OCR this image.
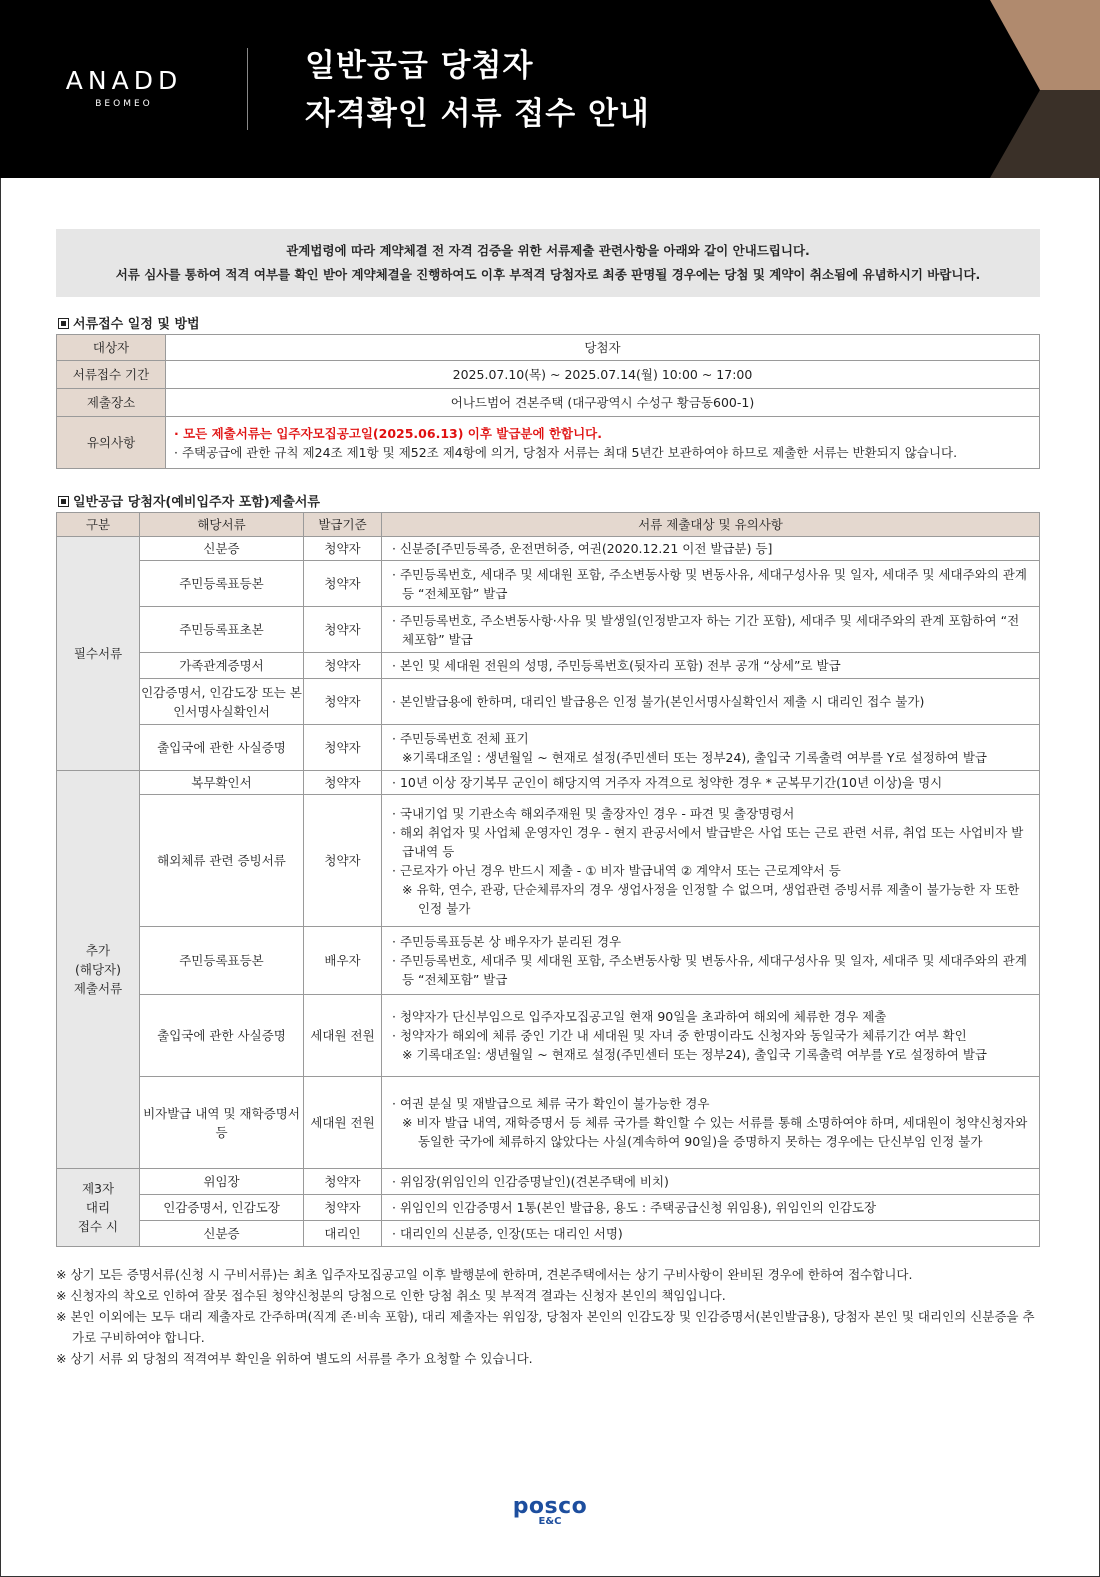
ANADD
BEOMEO
일반공급 당첨자
자격확인 서류 접수 안내
관계법령에 따라 계약체결 전 자격 검증을 위한 서류제출 관련사항을 아래와 같이 안내드립니다.
서류 심사를 통하여 적격 여부를 확인 받아 계약체결을 진행하여도 이후 부적격 당첨자로 최종 판명될 경우에는 당첨 및 계약이 취소됨에 유념하시기 바랍니다.
서류접수 일정 및 방법
대상자	당첨자
서류접수 기간	2025.07.10(목) ~ 2025.07.14(월) 10:00 ~ 17:00
제출장소	어나드범어 견본주택 (대구광역시 수성구 황금동600-1)
유의사항	· 모든 제출서류는 입주자모집공고일(2025.06.13) 이후 발급분에 한합니다.
· 주택공급에 관한 규칙 제24조 제1항 및 제52조 제4항에 의거, 당첨자 서류는 최대 5년간 보관하여야 하므로 제출한 서류는 반환되지 않습니다.
일반공급 당첨자(예비입주자 포함)제출서류
구분	해당서류	발급기준	서류 제출대상 및 유의사항

필수서류	신분증	청약자	· 신분증[주민등록증, 운전면허증, 여권(2020.12.21 이전 발급분) 등]

	주민등록표등본	청약자	· 주민등록번호, 세대주 및 세대원 포함, 주소변동사항 및 변동사유, 세대구성사유 및 일자, 세대주 및 세대주와의 관계 등 “전체포함” 발급

	주민등록표초본	청약자	· 주민등록번호, 주소변동사항·사유 및 발생일(인정받고자 하는 기간 포함), 세대주 및 세대주와의 관계 포함하여 “전체포함” 발급

	가족관계증명서	청약자	· 본인 및 세대원 전원의 성명, 주민등록번호(뒷자리 포함) 전부 공개 “상세”로 발급

	인감증명서, 인감도장 또는 본인서명사실확인서	청약자	· 본인발급용에 한하며, 대리인 발급용은 인정 불가(본인서명사실확인서 제출 시 대리인 접수 불가)

	출입국에 관한 사실증명	청약자	· 주민등록번호 전체 표기
※기록대조일 : 생년월일 ~ 현재로 설정(주민센터 또는 정부24), 출입국 기록출력 여부를 Y로 설정하여 발급

추가
(해당자)
제출서류	복무확인서	청약자	· 10년 이상 장기복무 군인이 해당지역 거주자 자격으로 청약한 경우 * 군복무기간(10년 이상)을 명시

	해외체류 관련 증빙서류	청약자	· 국내기업 및 기관소속 해외주재원 및 출장자인 경우 - 파견 및 출장명령서
· 해외 취업자 및 사업체 운영자인 경우 - 현지 관공서에서 발급받은 사업 또는 근로 관련 서류, 취업 또는 사업비자 발급내역 등
· 근로자가 아닌 경우 반드시 제출 - ① 비자 발급내역 ② 계약서 또는 근로계약서 등
※ 유학, 연수, 관광, 단순체류자의 경우 생업사정을 인정할 수 없으며, 생업관련 증빙서류 제출이 불가능한 자 또한 인정 불가

	주민등록표등본	배우자	· 주민등록표등본 상 배우자가 분리된 경우
· 주민등록번호, 세대주 및 세대원 포함, 주소변동사항 및 변동사유, 세대구성사유 및 일자, 세대주 및 세대주와의 관계 등 “전체포함” 발급

	출입국에 관한 사실증명	세대원 전원	· 청약자가 단신부임으로 입주자모집공고일 현재 90일을 초과하여 해외에 체류한 경우 제출
· 청약자가 해외에 체류 중인 기간 내 세대원 및 자녀 중 한명이라도 신청자와 동일국가 체류기간 여부 확인
※ 기록대조일: 생년월일 ~ 현재로 설정(주민센터 또는 정부24), 출입국 기록출력 여부를 Y로 설정하여 발급

	비자발급 내역 및 재학증명서 등	세대원 전원	· 여권 분실 및 재발급으로 체류 국가 확인이 불가능한 경우
※ 비자 발급 내역, 재학증명서 등 체류 국가를 확인할 수 있는 서류를 통해 소명하여야 하며, 세대원이 청약신청자와 동일한 국가에 체류하지 않았다는 사실(계속하여 90일)을 증명하지 못하는 경우에는 단신부임 인정 불가

제3자
대리
접수 시	위임장	청약자	· 위임장(위임인의 인감증명날인)(견본주택에 비치)

	인감증명서, 인감도장	청약자	· 위임인의 인감증명서 1통(본인 발급용, 용도 : 주택공급신청 위임용), 위임인의 인감도장

	신분증	대리인	· 대리인의 신분증, 인장(또는 대리인 서명)

※ 상기 모든 증명서류(신청 시 구비서류)는 최초 입주자모집공고일 이후 발행분에 한하며, 견본주택에서는 상기 구비사항이 완비된 경우에 한하여 접수합니다.

※ 신청자의 착오로 인하여 잘못 접수된 청약신청분의 당첨으로 인한 당첨 취소 및 부적격 결과는 신청자 본인의 책임입니다.

※ 본인 이외에는 모두 대리 제출자로 간주하며(직계 존·비속 포함), 대리 제출자는 위임장, 당첨자 본인의 인감도장 및 인감증명서(본인발급용), 당첨자 본인 및 대리인의 신분증을 추가로 구비하여야 합니다.

※ 상기 서류 외 당첨의 적격여부 확인을 위하여 별도의 서류를 추가 요청할 수 있습니다.

posco
E&C
